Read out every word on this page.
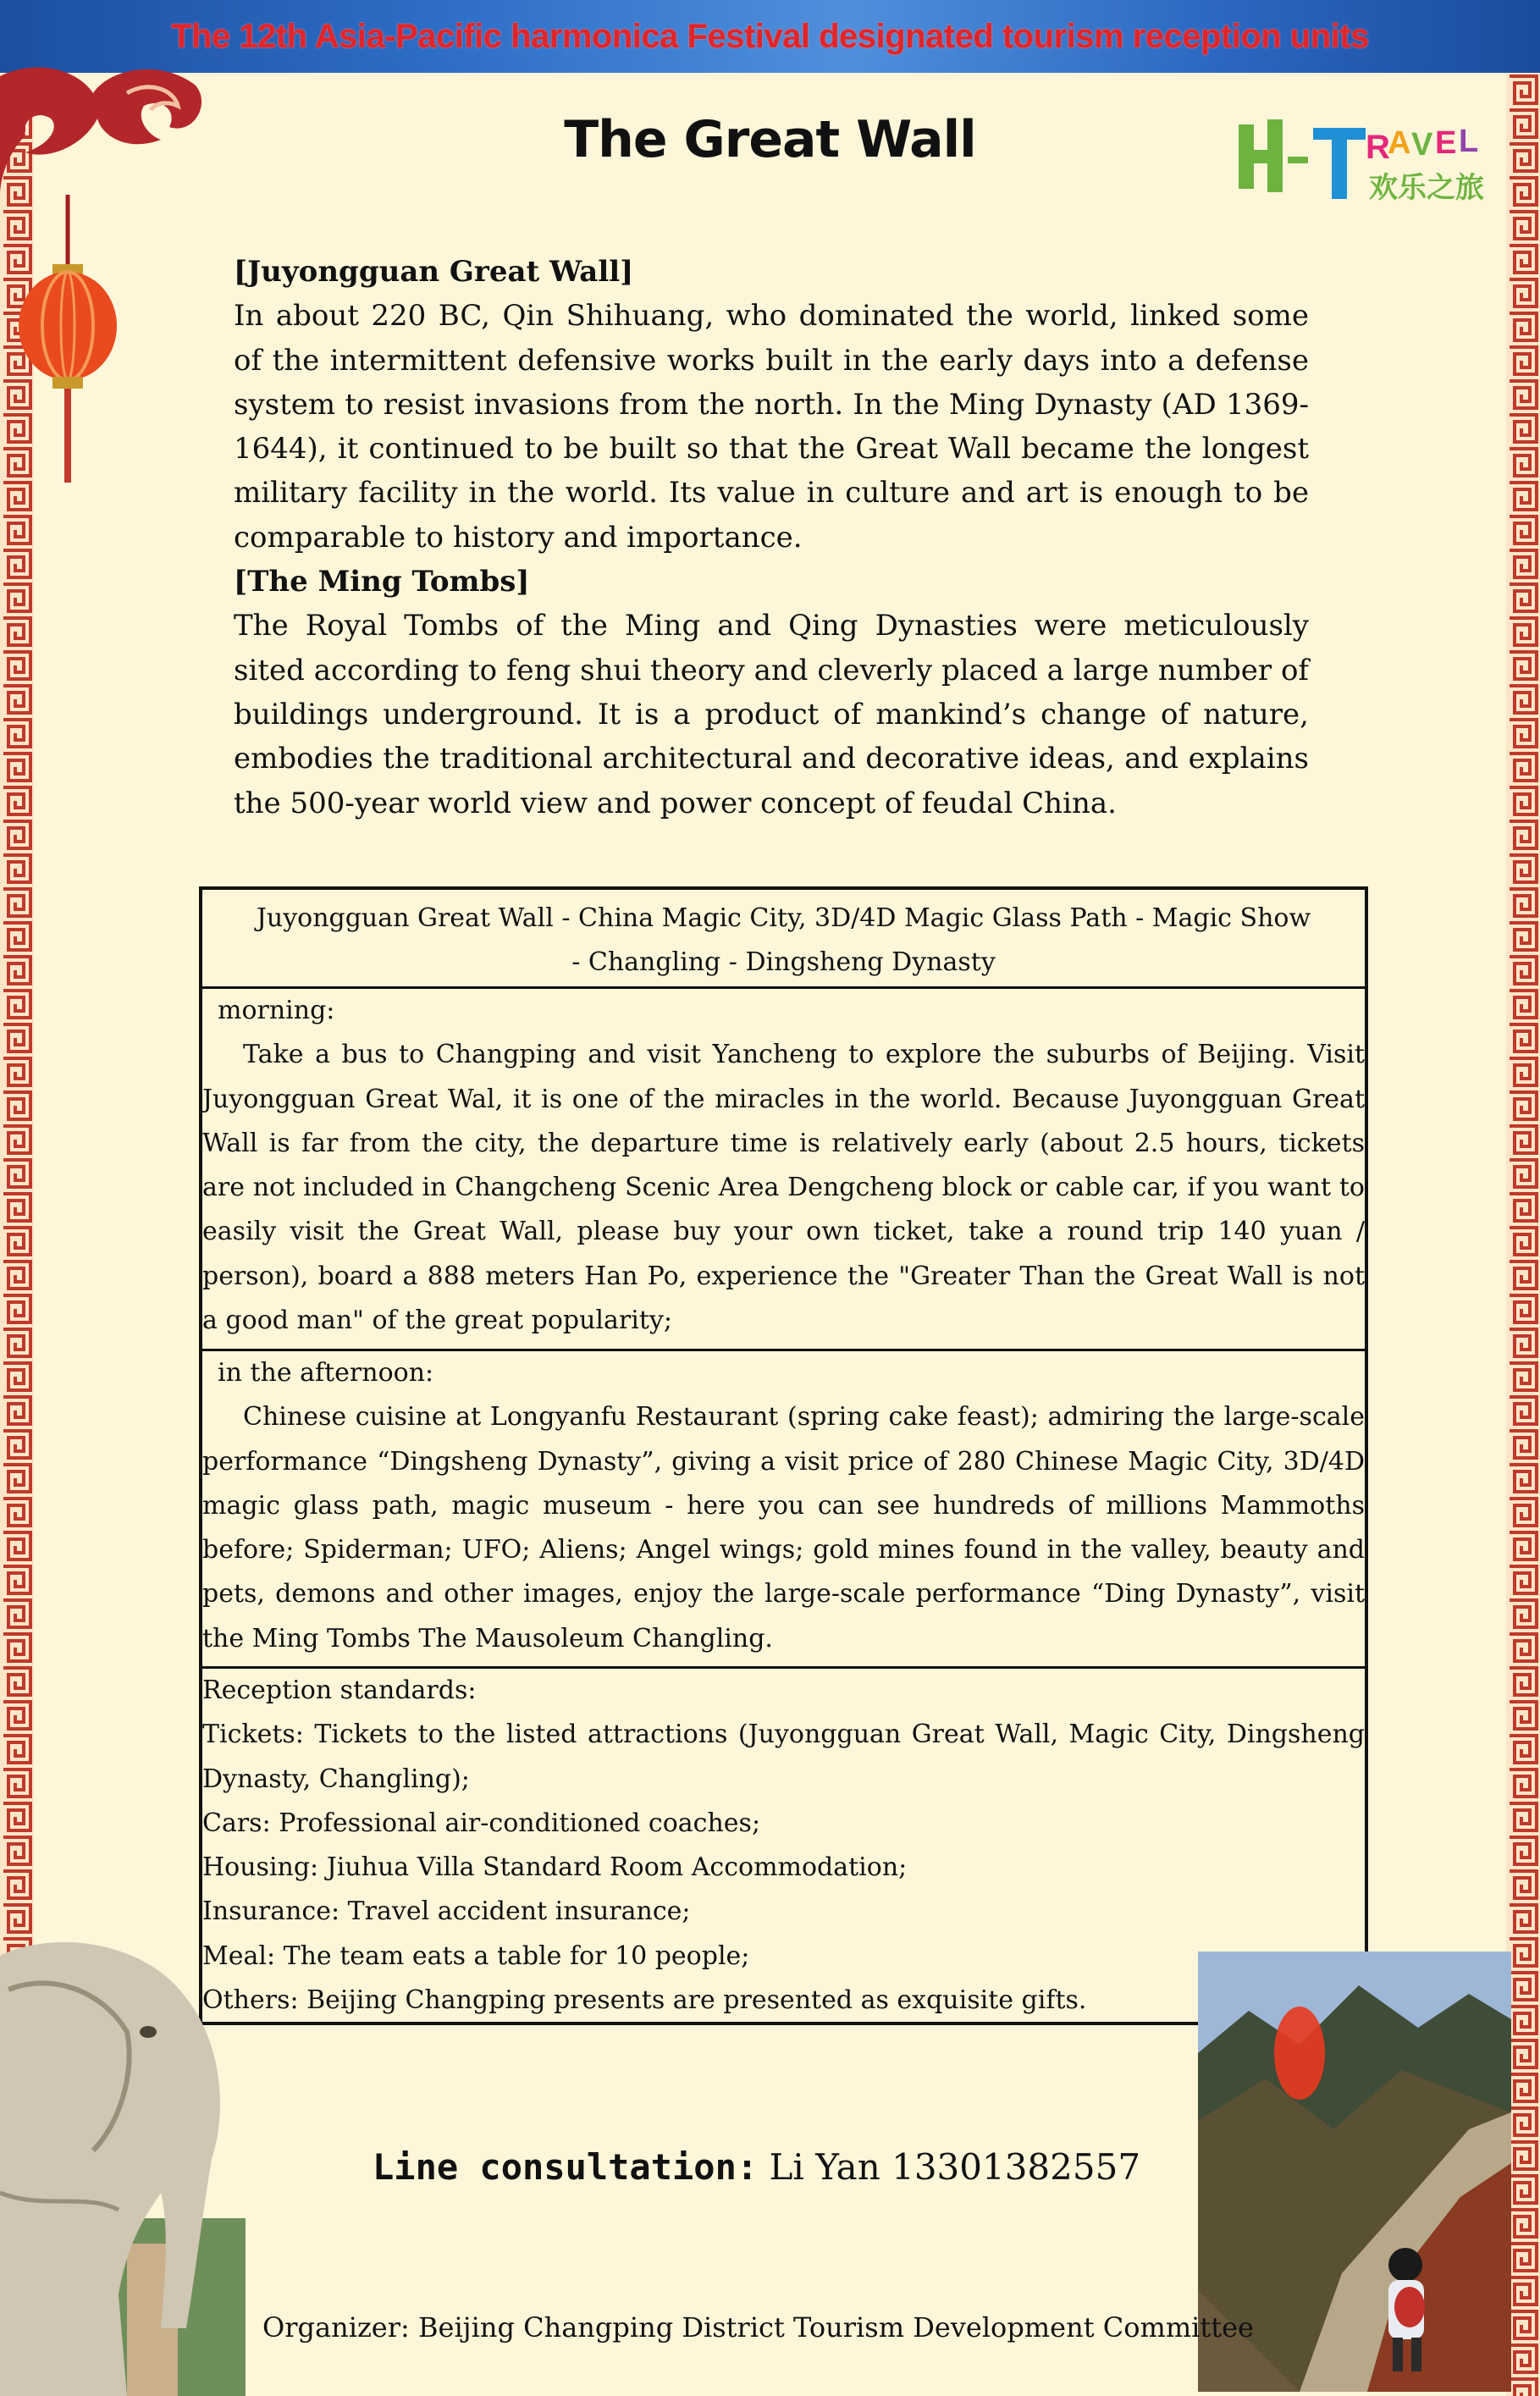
The 12th Asia-Pacific harmonica Festival designated tourism reception units
The Great Wall	R
A V E L
欢乐之旅

[Juyongguan Great Wall]

In about 220 BC, Qin Shihuang, who dominated the world, linked some of the intermittent defensive works built in the early days into a defense system to resist invasions from the north. In the Ming Dynasty (AD 1369-1644), it continued to be built so that the Great Wall became the longest military facility in the world. Its value in culture and art is enough to be comparable to history and importance.

[The Ming Tombs]

The Royal Tombs of the Ming and Qing Dynasties were meticulously sited according to feng shui theory and cleverly placed a large number of buildings underground. It is a product of mankind’s change of nature, embodies the traditional architectural and decorative ideas, and explains the 500-year world view and power concept of feudal China.

Juyongguan Great Wall - China Magic City, 3D/4D Magic Glass Path - Magic Show - Changling - Dingsheng Dynasty
morning:
Take a bus to Changping and visit Yancheng to explore the suburbs of Beijing. Visit Juyongguan Great Wal, it is one of the miracles in the world. Because Juyongguan Great Wall is far from the city, the departure time is relatively early (about 2.5 hours, tickets are not included in Changcheng Scenic Area Dengcheng block or cable car, if you want to easily visit the Great Wall, please buy your own ticket, take a round trip 140 yuan / person), board a 888 meters Han Po, experience the "Greater Than the Great Wall is not a good man" of the great popularity;
in the afternoon:
Chinese cuisine at Longyanfu Restaurant (spring cake feast); admiring the large-scale performance “Dingsheng Dynasty”, giving a visit price of 280 Chinese Magic City, 3D/4D magic glass path, magic museum - here you can see hundreds of millions Mammoths before; Spiderman; UFO; Aliens; Angel wings; gold mines found in the valley, beauty and pets, demons and other images, enjoy the large-scale performance “Ding Dynasty”, visit the Ming Tombs The Mausoleum Changling.
Reception standards:
Tickets: Tickets to the listed attractions (Juyongguan Great Wall, Magic City, Dingsheng Dynasty, Changling);
Cars: Professional air-conditioned coaches;
Housing: Jiuhua Villa Standard Room Accommodation;
Insurance: Travel accident insurance;
Meal: The team eats a table for 10 people;
Others: Beijing Changping presents are presented as exquisite gifts.
Line consultation: Li Yan 13301382557
Organizer: Beijing Changping District Tourism Development Committee
